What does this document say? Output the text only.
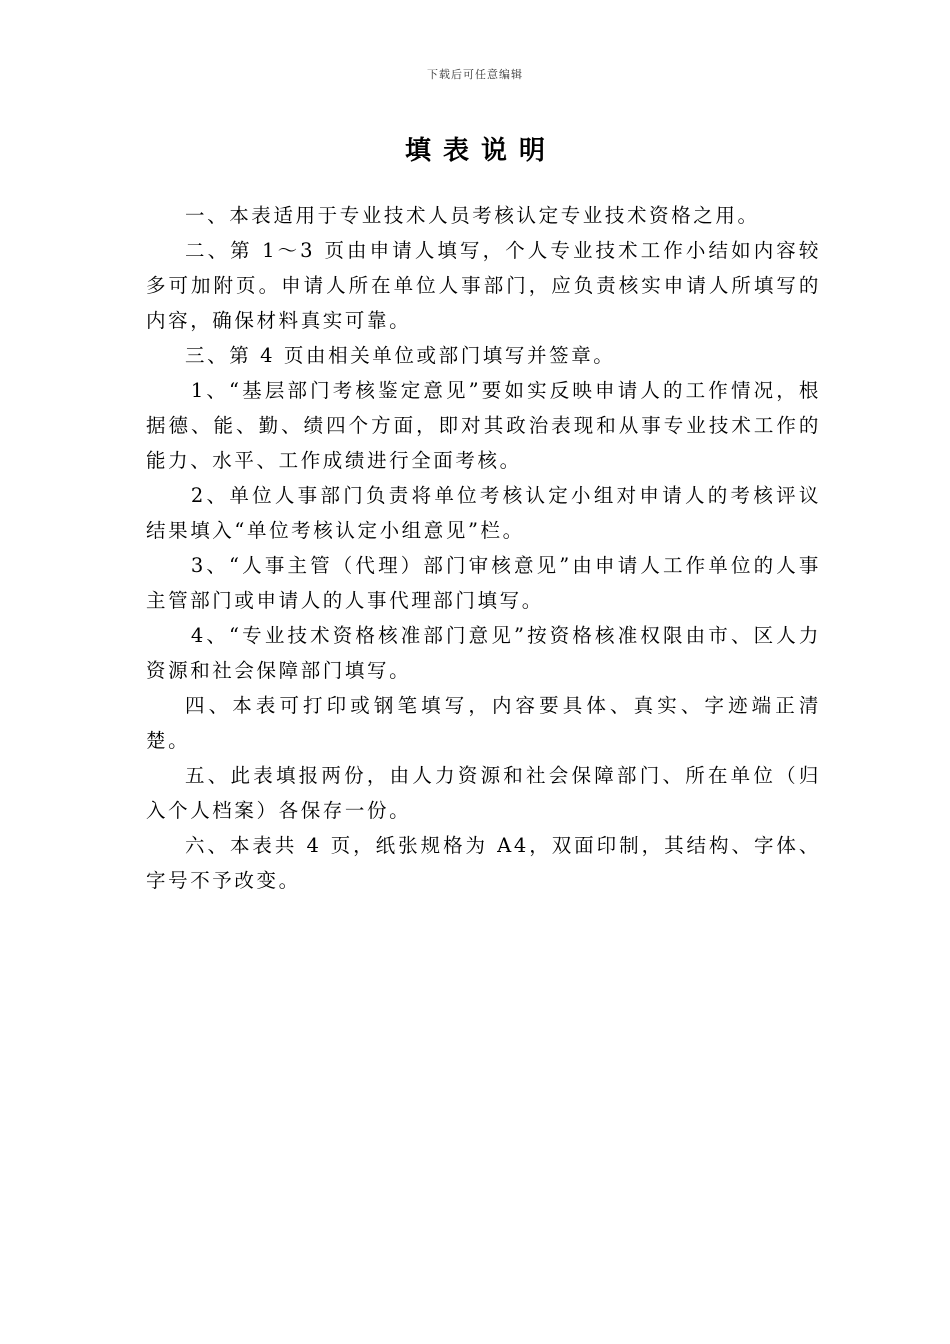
下载后可任意编辑
填表说明

一、本表适用于专业技术人员考核认定专业技术资格之用。

二、第 1～3 页由申请人填写，个人专业技术工作小结如内容较多可加附页。申请人所在单位人事部门，应负责核实申请人所填写的内容，确保材料真实可靠。

三、第 4 页由相关单位或部门填写并签章。

1、“基层部门考核鉴定意见”要如实反映申请人的工作情况，根据德、能、勤、绩四个方面，即对其政治表现和从事专业技术工作的能力、水平、工作成绩进行全面考核。

2、单位人事部门负责将单位考核认定小组对申请人的考核评议结果填入“单位考核认定小组意见”栏。

3、“人事主管（代理）部门审核意见”由申请人工作单位的人事主管部门或申请人的人事代理部门填写。

4、“专业技术资格核准部门意见”按资格核准权限由市、区人力资源和社会保障部门填写。

四、本表可打印或钢笔填写，内容要具体、真实、字迹端正清楚。

五、此表填报两份，由人力资源和社会保障部门、所在单位（归入个人档案）各保存一份。

六、本表共 4 页，纸张规格为 A4，双面印制，其结构、字体、字号不予改变。
